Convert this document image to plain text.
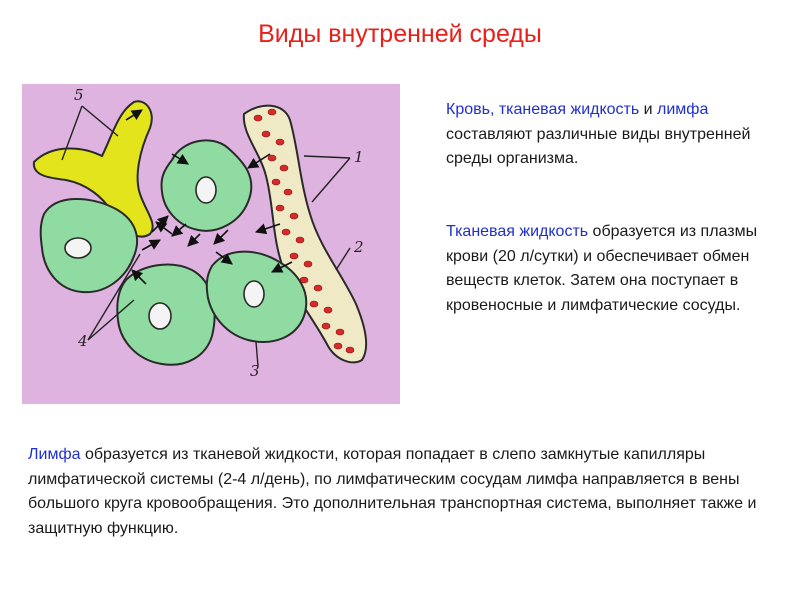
Виды внутренней среды
5
1
2
4
3
Кровь, тканевая жидкость и лимфа составляют различные виды внутренней среды организма.
Тканевая жидкость образуется из плазмы крови (20 л/сутки) и обеспечивает обмен веществ клеток. Затем она поступает в кровеносные и лимфатические сосуды.
Лимфа образуется из тканевой жидкости, которая попадает в слепо замкнутые капилляры лимфатической системы (2-4 л/день), по лимфатическим сосудам лимфа направляется в вены большого круга кровообращения. Это дополнительная транспортная система, выполняет также и защитную функцию.
